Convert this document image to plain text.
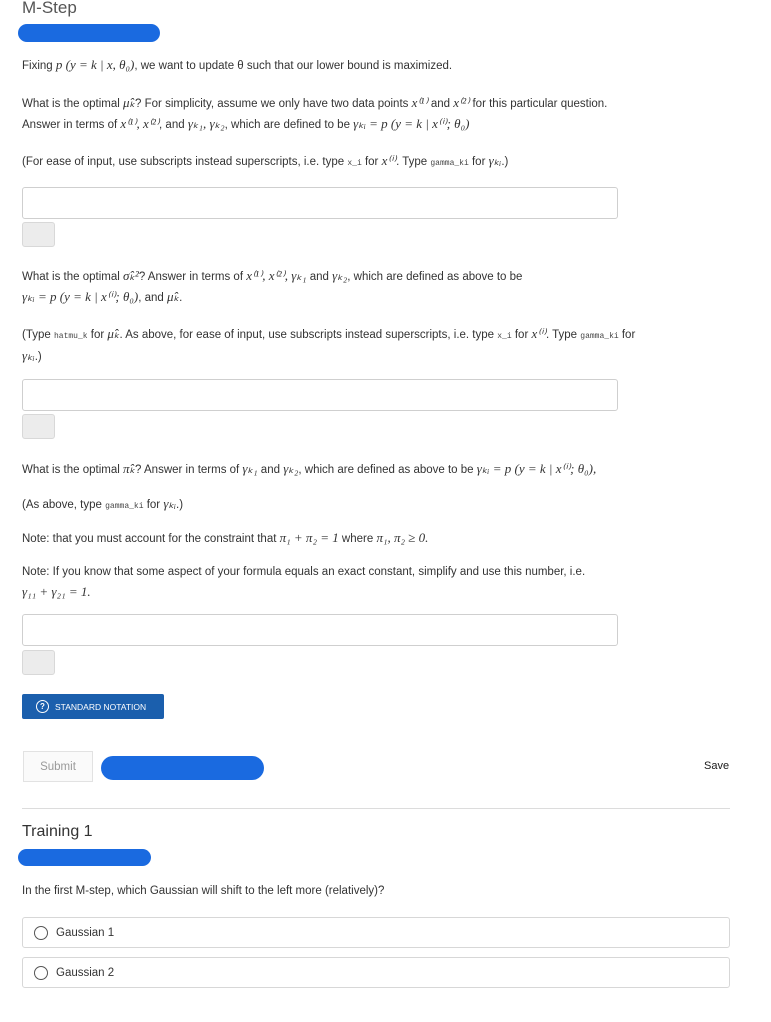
M-Step
Fixing p (y = k | x, θ₀), we want to update θ such that our lower bound is maximized.
What is the optimal μ̂ₖ? For simplicity, assume we only have two data points x⁽¹⁾ and x⁽²⁾ for this particular question.
Answer in terms of x⁽¹⁾, x⁽²⁾, and γₖ₁, γₖ₂, which are defined to be γₖᵢ = p (y = k | x⁽ⁱ⁾; θ₀)
(For ease of input, use subscripts instead superscripts, i.e. type x_i for x⁽ⁱ⁾. Type gamma_ki for γₖᵢ.)
What is the optimal σ̂ₖ²? Answer in terms of x⁽¹⁾, x⁽²⁾, γₖ₁ and γₖ₂, which are defined as above to be
γₖᵢ = p (y = k | x⁽ⁱ⁾; θ₀), and μ̂ₖ.
(Type hatmu_k for μ̂ₖ. As above, for ease of input, use subscripts instead superscripts, i.e. type x_i for x⁽ⁱ⁾. Type gamma_ki for
γₖᵢ.)
What is the optimal π̂ₖ? Answer in terms of γₖ₁ and γₖ₂, which are defined as above to be γₖᵢ = p (y = k | x⁽ⁱ⁾; θ₀),
(As above, type gamma_ki for γₖᵢ.)
Note: that you must account for the constraint that π₁ + π₂ = 1 where π₁, π₂ ≥ 0.
Note: If you know that some aspect of your formula equals an exact constant, simplify and use this number, i.e.
γ₁₁ + γ₂₁ = 1.
?	STANDARD NOTATION
Submit	Save
Training 1
In the first M-step, which Gaussian will shift to the left more (relatively)?
Gaussian 1
Gaussian 2
